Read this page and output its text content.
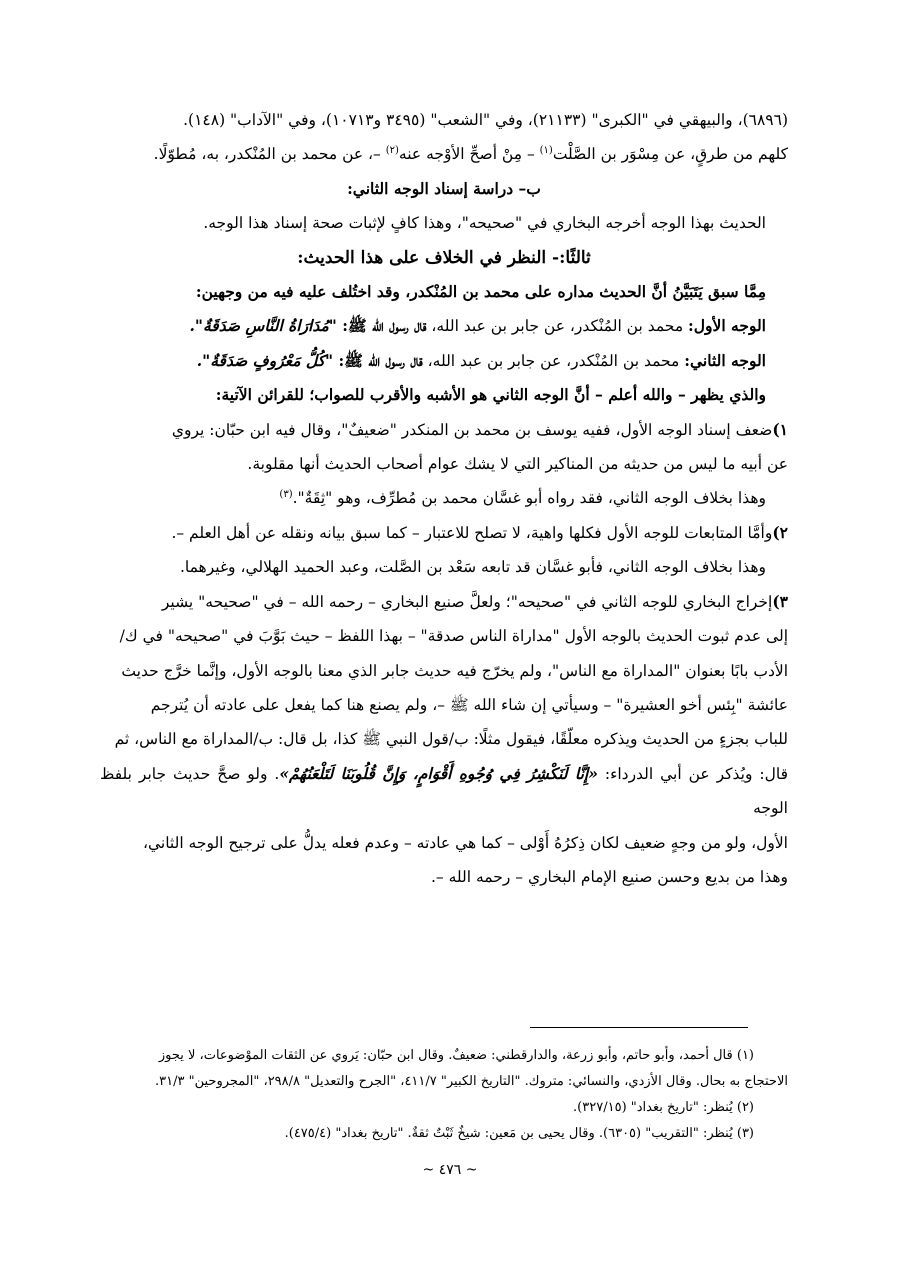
(٦٨٩٦)، والبيهقي في "الكبرى" (٢١١٣٣)، وفي "الشعب" (٣٤٩٥ و١٠٧١٣)، وفي "الآداب" (١٤٨).

كلهم من طرقٍ، عن مِسْوَر بن الصَّلْت$^{(١)}$ – مِنْ أصحِّ الأوْجه عنه$^{(٢)}$ –، عن محمد بن المُنْكدر، به، مُطوّلًا.

ب– دراسة إسناد الوجه الثاني:

الحديث بهذا الوجه أخرجه البخاري في "صحيحه"، وهذا كافٍ لإثبات صحة إسناد هذا الوجه.

ثالثًا:- النظر في الخلاف على هذا الحديث:

مِمَّا سبق يَتَبَيَّنُ أنَّ الحديث مداره على محمد بن المُنْكدر، وقد اختُلف عليه فيه من وجهين:

الوجه الأول: محمد بن المُنْكدر، عن جابر بن عبد الله، قال رسول الله ﷺ: "مُدَارَاةُ النَّاسِ صَدَقَةٌ".

الوجه الثاني: محمد بن المُنْكدر، عن جابر بن عبد الله، قال رسول الله ﷺ: "كُلُّ مَعْرُوفٍ صَدَقَةٌ".

والذي يظهر – والله أعلم – أنَّ الوجه الثاني هو الأشبه والأقرب للصواب؛ للقرائن الآتية:

١)ضعف إسناد الوجه الأول، ففيه يوسف بن محمد بن المنكدر "ضعيفٌ"، وقال فيه ابن حبّان: يروي

عن أبيه ما ليس من حديثه من المناكير التي لا يشك عوام أصحاب الحديث أنها مقلوبة.

وهذا بخلاف الوجه الثاني، فقد رواه أبو غسَّان محمد بن مُطرِّف، وهو "ثِقَةٌ".$^{(٣)}$

٢)وأمَّا المتابعات للوجه الأول فكلها واهية، لا تصلح للاعتبار – كما سبق بيانه ونقله عن أهل العلم –.

وهذا بخلاف الوجه الثاني، فأبو غسَّان قد تابعه سَعْد بن الصَّلت، وعبد الحميد الهلالي، وغيرهما.

٣)إخراج البخاري للوجه الثاني في "صحيحه"؛ ولعلَّ صنيع البخاري – رحمه الله – في "صحيحه" يشير

إلى عدم ثبوت الحديث بالوجه الأول "مداراة الناس صدقة" – بهذا اللفظ – حيث بَوَّبَ في "صحيحه" في ك/

الأدب بابًا بعنوان "المداراة مع الناس"، ولم يخرّج فيه حديث جابر الذي معنا بالوجه الأول، وإنَّما خرَّج حديث

عائشة "بِئس أخو العشيرة" – وسيأتي إن شاء الله ﷺ –، ولم يصنع هنا كما يفعل على عادته أن يُترجم

للباب بجزءٍ من الحديث ويذكره معلّقًا، فيقول مثلًا: ب/قول النبي ﷺ كذا، بل قال: ب/المداراة مع الناس، ثم

قال: ويُذكر عن أبي الدرداء: «إِنَّا لَنَكْشِرُ فِي وُجُوهِ أَقْوَامٍ، وَإِنَّ قُلُوبَنَا لَتَلْعَنُهُمْ». ولو صحَّ حديث جابر بلفظ الوجه

الأول، ولو من وجهٍ ضعيف لكان ذِكرُهُ أَوْلى – كما هي عادته – وعدم فعله يدلُّ على ترجيح الوجه الثاني،

وهذا من بديع وحسن صنيع الإمام البخاري – رحمه الله –.

(١) قال أحمد، وأبو حاتم، وأبو زرعة، والدارقطني: ضعيفٌ. وقال ابن حبّان: يَروي عن الثقات الموْضوعات، لا يجوز

الاحتجاج به بحال. وقال الأزدي، والنسائي: متروك. "التاريخ الكبير" ٤١١/٧، "الجرح والتعديل" ٢٩٨/٨، "المجروحين" ٣١/٣.

(٢) يُنظر: "تاريخ بغداد" (٣٢٧/١٥).

(٣) يُنظر: "التقريب" (٦٣٠٥). وقال يحيى بن مَعين: شيخٌ ثَبْتٌ ثقةٌ. "تاريخ بغداد" (٤٧٥/٤).

~ ٤٧٦ ~
